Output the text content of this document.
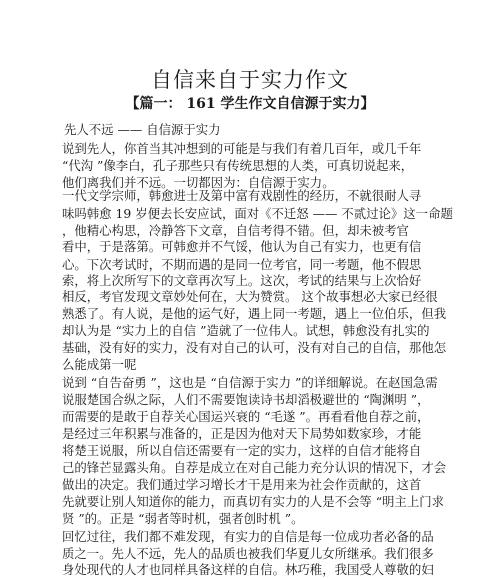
自信来自于实力作文
【篇一： 161 学生作文自信源于实力】
先人不远 —— 自信源于实力
说到先人，你首当其冲想到的可能是与我们有着几百年，或几千年
“代沟 ”像李白，孔子那些只有传统思想的人类，可真切说起来，
他们离我们并不远。一切都因为：自信源于实力。
一代文学宗师，韩愈进士及第中富有戏剧性的经历，不就很耐人寻
味吗韩愈 19 岁便去长安应试，面对《不迁怒 —— 不贰过论》这一命题
，他精心构思，冷静答下文章，自信考得不错。但，却未被考官
看中，于是落第。可韩愈并不气馁，他认为自己有实力，也更有信
心。下次考试时，不期而遇的是同一位考官，同一考题，他不假思
索，将上次所写下的文章再次写上。这次，考试的结果与上次恰好
相反，考官发现文章妙处何在，大为赞赏。 这个故事想必大家已经很
熟悉了。有人说，是他的运气好，遇上同一考题，遇上一位伯乐，但我
却认为是 “实力上的自信 ”造就了一位伟人。试想，韩愈没有扎实的
基础，没有好的实力，没有对自己的认可，没有对自己的自信，那他怎
么能成第一呢
说到 “自告奋勇 ”，这也是 “自信源于实力 ”的详细解说。在赵国急需
说服楚国合纵之际，人们不需要饱读诗书却滔极避世的 “陶渊明 ”，
而需要的是敢于自荐关心国运兴衰的 “毛遂 ”。再看看他自荐之前，
是经过三年积累与准备的，正是因为他对天下局势如数家珍，才能
将楚王说服，所以自信还需要有一定的实力，这样的自信才能将自
己的锋芒显露头角。自荐是成立在对自己能力充分认识的情况下，才会
做出的决定。我们通过学习增长才干是用来为社会作贡献的，这首
先就要让别人知道你的能力，而真切有实力的人是不会等 “明主上门求
贤 ”的。正是 “弱者等时机，强者创时机 ”。
回忆过往，我们都不难发现，有实力的自信是每一位成功者必备的品
质之一。先人不远，先人的品质也被我们华夏儿女所继承。我们很多
身处现代的人才也同样具备这样的自信。林巧稚，我国受人尊敬的妇
